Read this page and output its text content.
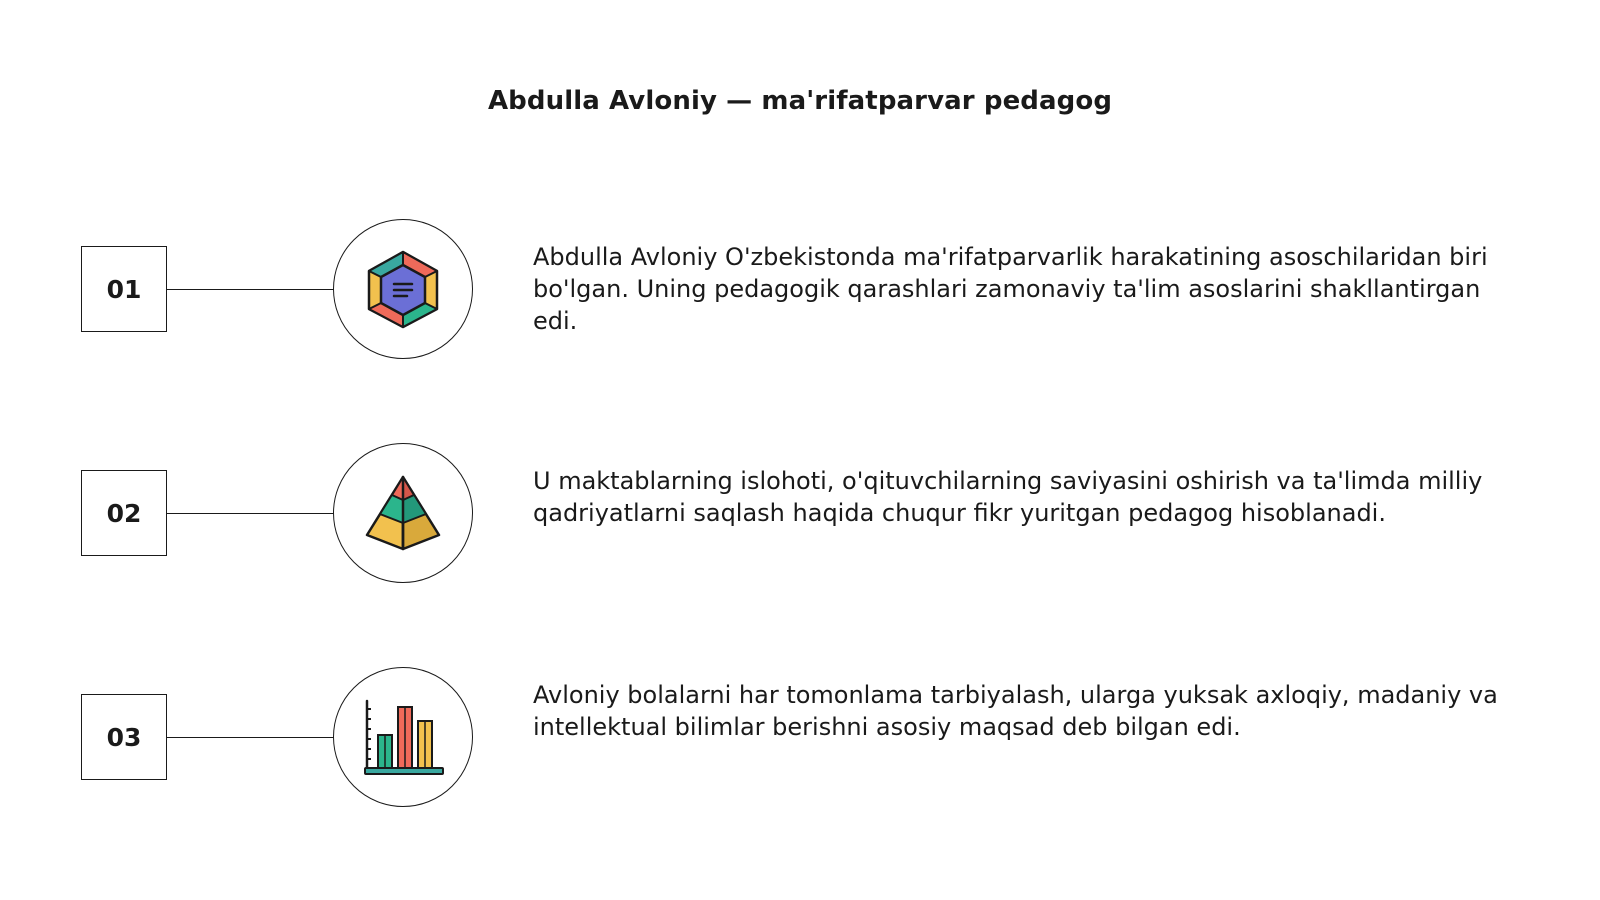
Abdulla Avloniy — ma'rifatparvar pedagog
01
Abdulla Avloniy O'zbekistonda ma'rifatparvarlik harakatining asoschilaridan biri bo'lgan. Uning pedagogik qarashlari zamonaviy ta'lim asoslarini shakllantirgan edi.
02
U maktablarning islohoti, o'qituvchilarning saviyasini oshirish va ta'limda milliy qadriyatlarni saqlash haqida chuqur fikr yuritgan pedagog hisoblanadi.
03
Avloniy bolalarni har tomonlama tarbiyalash, ularga yuksak axloqiy, madaniy va intellektual bilimlar berishni asosiy maqsad deb bilgan edi.
